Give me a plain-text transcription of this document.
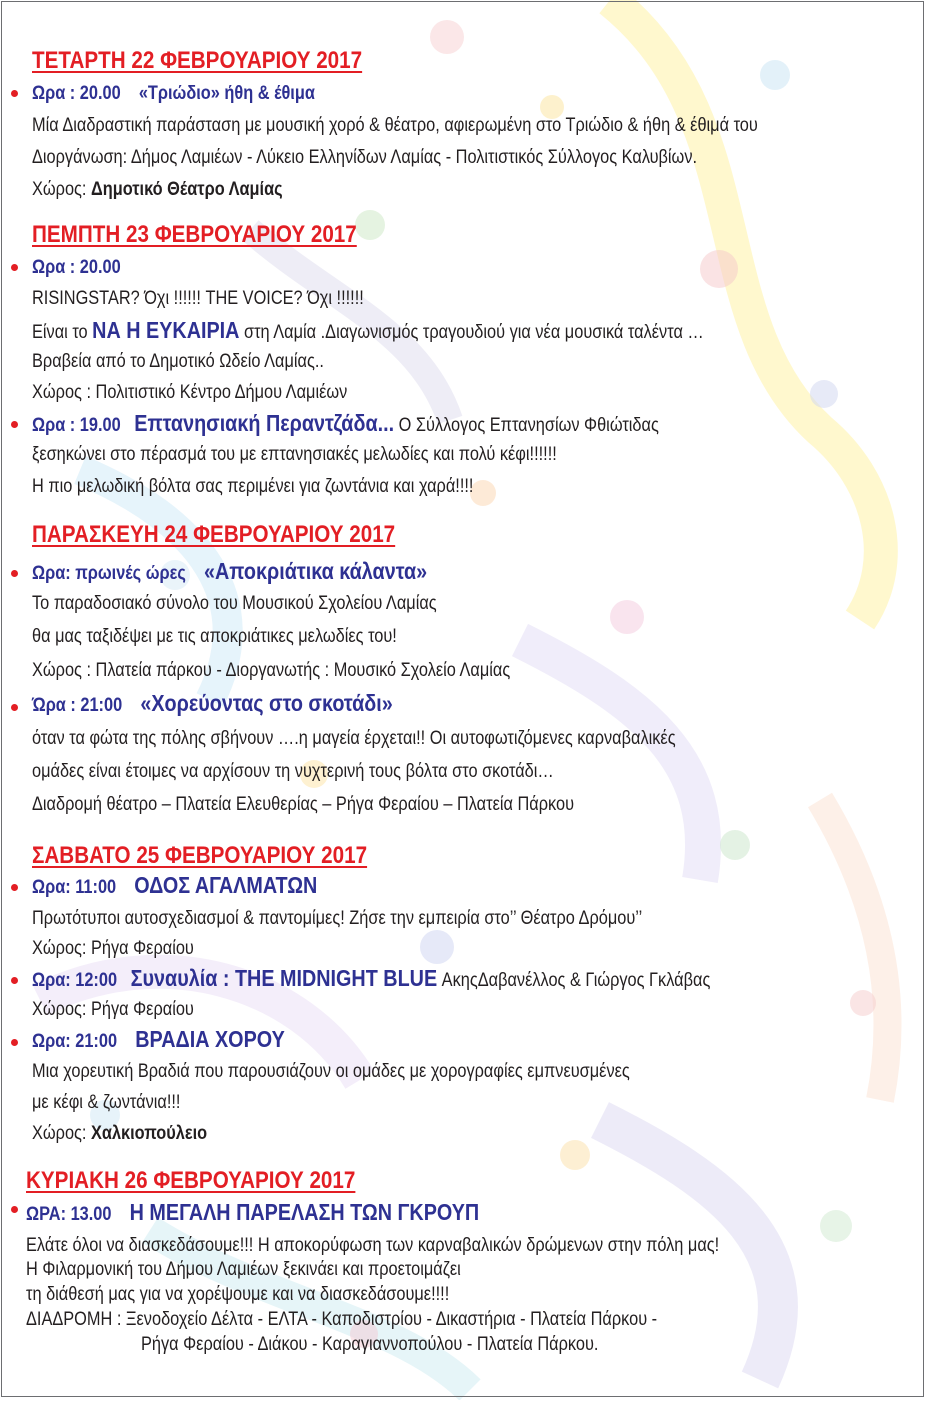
ΤΕΤΑΡΤΗ 22 ΦΕΒΡΟΥΑΡΙΟΥ 2017
Ωρα : 20.00 «Τριώδιο» ήθη & έθιμα
Μία Διαδραστική παράσταση με μουσική χορό & θέατρο, αφιερωμένη στο Τριώδιο & ήθη & έθιμά του
Διοργάνωση: Δήμος Λαμιέων - Λύκειο Ελληνίδων Λαμίας - Πολιτιστικός Σύλλογος Καλυβίων.
Χώρος: Δημοτικό Θέατρο Λαμίας
ΠΕΜΠΤΗ 23 ΦΕΒΡΟΥΑΡΙΟΥ 2017
Ωρα : 20.00
RISINGSTAR? Όχι !!!!!! THE VOICE? Όχι !!!!!!
Είναι το ΝΑ Η ΕΥΚΑΙΡΙΑ στη Λαμία .Διαγωνισμός τραγουδιού για νέα μουσικά ταλέντα …
Βραβεία από το Δημοτικό Ωδείο Λαμίας..
Χώρος : Πολιτιστικό Κέντρο Δήμου Λαμιέων
Ωρα : 19.00 Επτανησιακή Περαντζάδα... Ο Σύλλογος Επτανησίων Φθιώτιδας
ξεσηκώνει στο πέρασμά του με επτανησιακές μελωδίες και πολύ κέφι!!!!!!
Η πιο μελωδική βόλτα σας περιμένει για ζωντάνια και χαρά!!!!
ΠΑΡΑΣΚΕΥΗ 24 ΦΕΒΡΟΥΑΡΙΟΥ 2017
Ωρα: πρωινές ώρες «Αποκριάτικα κάλαντα»
Το παραδοσιακό σύνολο του Μουσικού Σχολείου Λαμίας
θα μας ταξιδέψει με τις αποκριάτικες μελωδίες του!
Χώρος : Πλατεία πάρκου - Διοργανωτής : Μουσικό Σχολείο Λαμίας
Ώρα : 21:00 «Χορεύοντας στο σκοτάδι»
όταν τα φώτα της πόλης σβήνουν ….η μαγεία έρχεται!! Οι αυτοφωτιζόμενες καρναβαλικές
ομάδες είναι έτοιμες να αρχίσουν τη νυχτερινή τους βόλτα στο σκοτάδι…
Διαδρομή θέατρο – Πλατεία Ελευθερίας – Ρήγα Φεραίου – Πλατεία Πάρκου
ΣΑΒΒΑΤΟ 25 ΦΕΒΡΟΥΑΡΙΟΥ 2017
Ωρα: 11:00 ΟΔΟΣ ΑΓΑΛΜΑΤΩΝ
Πρωτότυποι αυτοσχεδιασμοί & παντομίμες! Ζήσε την εμπειρία στο’’ Θέατρο Δρόμου’’
Χώρος: Ρήγα Φεραίου
Ωρα: 12:00 Συναυλία : THE MIDNIGHT BLUE ΑκηςΔαβανέλλος & Γιώργος Γκλάβας
Χώρος: Ρήγα Φεραίου
Ωρα: 21:00 ΒΡΑΔΙΑ ΧΟΡΟΥ
Μια χορευτική Βραδιά που παρουσιάζουν οι ομάδες με χορογραφίες εμπνευσμένες
με κέφι & ζωντάνια!!!
Χώρος: Χαλκιοπούλειο
ΚΥΡΙΑΚΗ 26 ΦΕΒΡΟΥΑΡΙΟΥ 2017
ΩΡΑ: 13.00 Η ΜΕΓΑΛΗ ΠΑΡΕΛΑΣΗ ΤΩΝ ΓΚΡΟΥΠ
Ελάτε όλοι να διασκεδάσουμε!!! Η αποκορύφωση των καρναβαλικών δρώμενων στην πόλη μας!
Η Φιλαρμονική του Δήμου Λαμιέων ξεκινάει και προετοιμάζει
τη διάθεσή μας για να χορέψουμε και να διασκεδάσουμε!!!!
ΔΙΑΔΡΟΜΗ : Ξενοδοχείο Δέλτα - ΕΛΤΑ - Καποδιστρίου - Δικαστήρια - Πλατεία Πάρκου -
Ρήγα Φεραίου - Διάκου - Καραγιαννοπούλου - Πλατεία Πάρκου.
